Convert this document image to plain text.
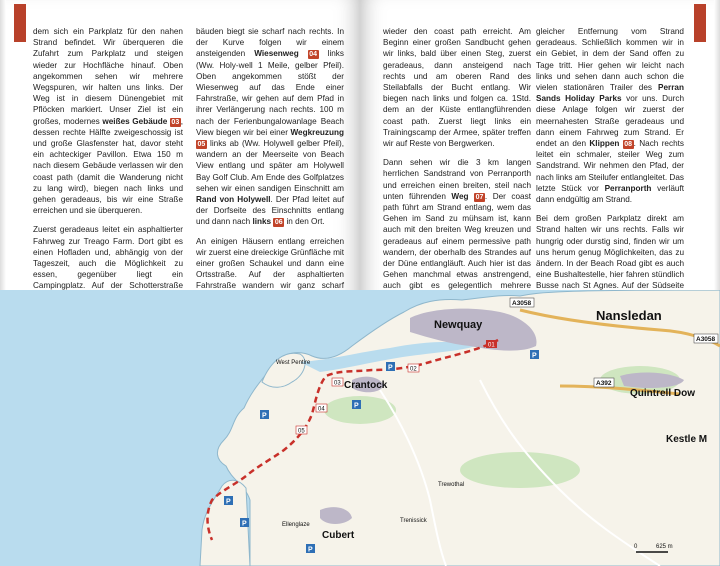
dem sich ein Parkplatz für den nahen Strand befindet. Wir überqueren die Zufahrt zum Parkplatz und steigen wieder zur Hochfläche hinauf. Oben angekommen sehen wir mehrere Wegspuren, wir halten uns links. Der Weg ist in diesem Dünengebiet mit Pflöcken markiert. Unser Ziel ist ein großes, modernes weißes Gebäude 03 , dessen rechte Hälfte zweigeschossig ist und große Glasfenster hat, davor steht ein achteckiger Pavillon. Etwa 150 m nach diesem Gebäude verlassen wir den coast path (damit die Wanderung nicht zu lang wird), biegen nach links und gehen geradeaus, bis wir eine Straße erreichen und sie überqueren.

Zuerst geradeaus leitet ein asphaltierter Fahrweg zur Treago Farm. Dort gibt es einen Hofladen und, abhängig von der Tageszeit, auch die Möglichkeit zu essen, gegenüber liegt ein Campingplatz. Auf der Schotterstraße

bäuden biegt sie scharf nach rechts. In der Kurve folgen wir einem ansteigenden Wiesenweg 04 links (Ww. Holy-well 1 Meile, gelber Pfeil). Oben angekommen stößt der Wiesenweg auf das Ende einer Fahrstraße, wir gehen auf dem Pfad in ihrer Verlängerung nach rechts. 100 m nach der Ferienbungalowanlage Beach View biegen wir bei einer Wegkreuzung 05 links ab (Ww. Holywell gelber Pfeil), wandern an der Meerseite von Beach View entlang und später am Holywell Bay Golf Club. Am Ende des Golfplatzes sehen wir einen sandigen Einschnitt am Rand von Holywell. Der Pfad leitet auf der Dorfseite des Einschnitts entlang und dann nach links 06 in den Ort.

An einigen Häusern entlang erreichen wir zuerst eine dreieckige Grünfläche mit einer großen Schaukel und dann eine Ortsstraße. Auf der asphaltierten Fahrstraße wandern wir ganz scharf

wieder den coast path erreicht. Am Beginn einer großen Sandbucht gehen wir links, bald über einen Steg, zuerst geradeaus, dann ansteigend nach rechts und am oberen Rand des Steilabfalls der Bucht entlang. Wir biegen nach links und folgen ca. 1Std. dem an der Küste entlangführenden coast path. Zuerst liegt links ein Trainingscamp der Armee, später treffen wir auf Reste von Bergwerken.

Dann sehen wir die 3 km langen herrlichen Sandstrand von Perranporth und erreichen einen breiten, steil nach unten führenden Weg 07 . Der coast path führt am Strand entlang, wem das Gehen im Sand zu mühsam ist, kann auch mit den breiten Weg kreuzen und geradeaus auf einem permessive path wandern, der oberhalb des Strandes auf der Düne entlangläuft. Auch hier ist das Gehen manchmal etwas anstrengend, auch gibt es gelegentlich mehrere

gleicher Entfernung vom Strand geradeaus. Schließlich kommen wir in ein Gebiet, in dem der Sand offen zu Tage tritt. Hier gehen wir leicht nach links und sehen dann auch schon die vielen stationären Trailer des Perran Sands Holiday Parks vor uns. Durch diese Anlage folgen wir zuerst der meernahesten Straße geradeaus und dann einem Fahrweg zum Strand. Er endet an den Klippen 08 . Nach rechts leitet ein schmaler, steiler Weg zum Sandstrand. Wir nehmen den Pfad, der nach links am Steilufer entlangleitet. Das letzte Stück vor Perranporth verläuft dann endgültig am Strand.

Bei dem großen Parkplatz direkt am Strand halten wir uns rechts. Falls wir hungrig oder durstig sind, finden wir um uns herum genug Möglichkeiten, das zu ändern. In der Beach Road gibt es auch eine Bushaltestelle, hier fahren stündlich Busse nach St Agnes. Auf der Südseite

Newquay
Nansledan
Crantock
Quintrell Dow
Kestle M
Cubert
West Pentire
Trewothal
Trenissick
Ellenglaze
A3058
A3058
A392
02
03
04
05
01
P
P
P
P
P
P
P
0	625 m
